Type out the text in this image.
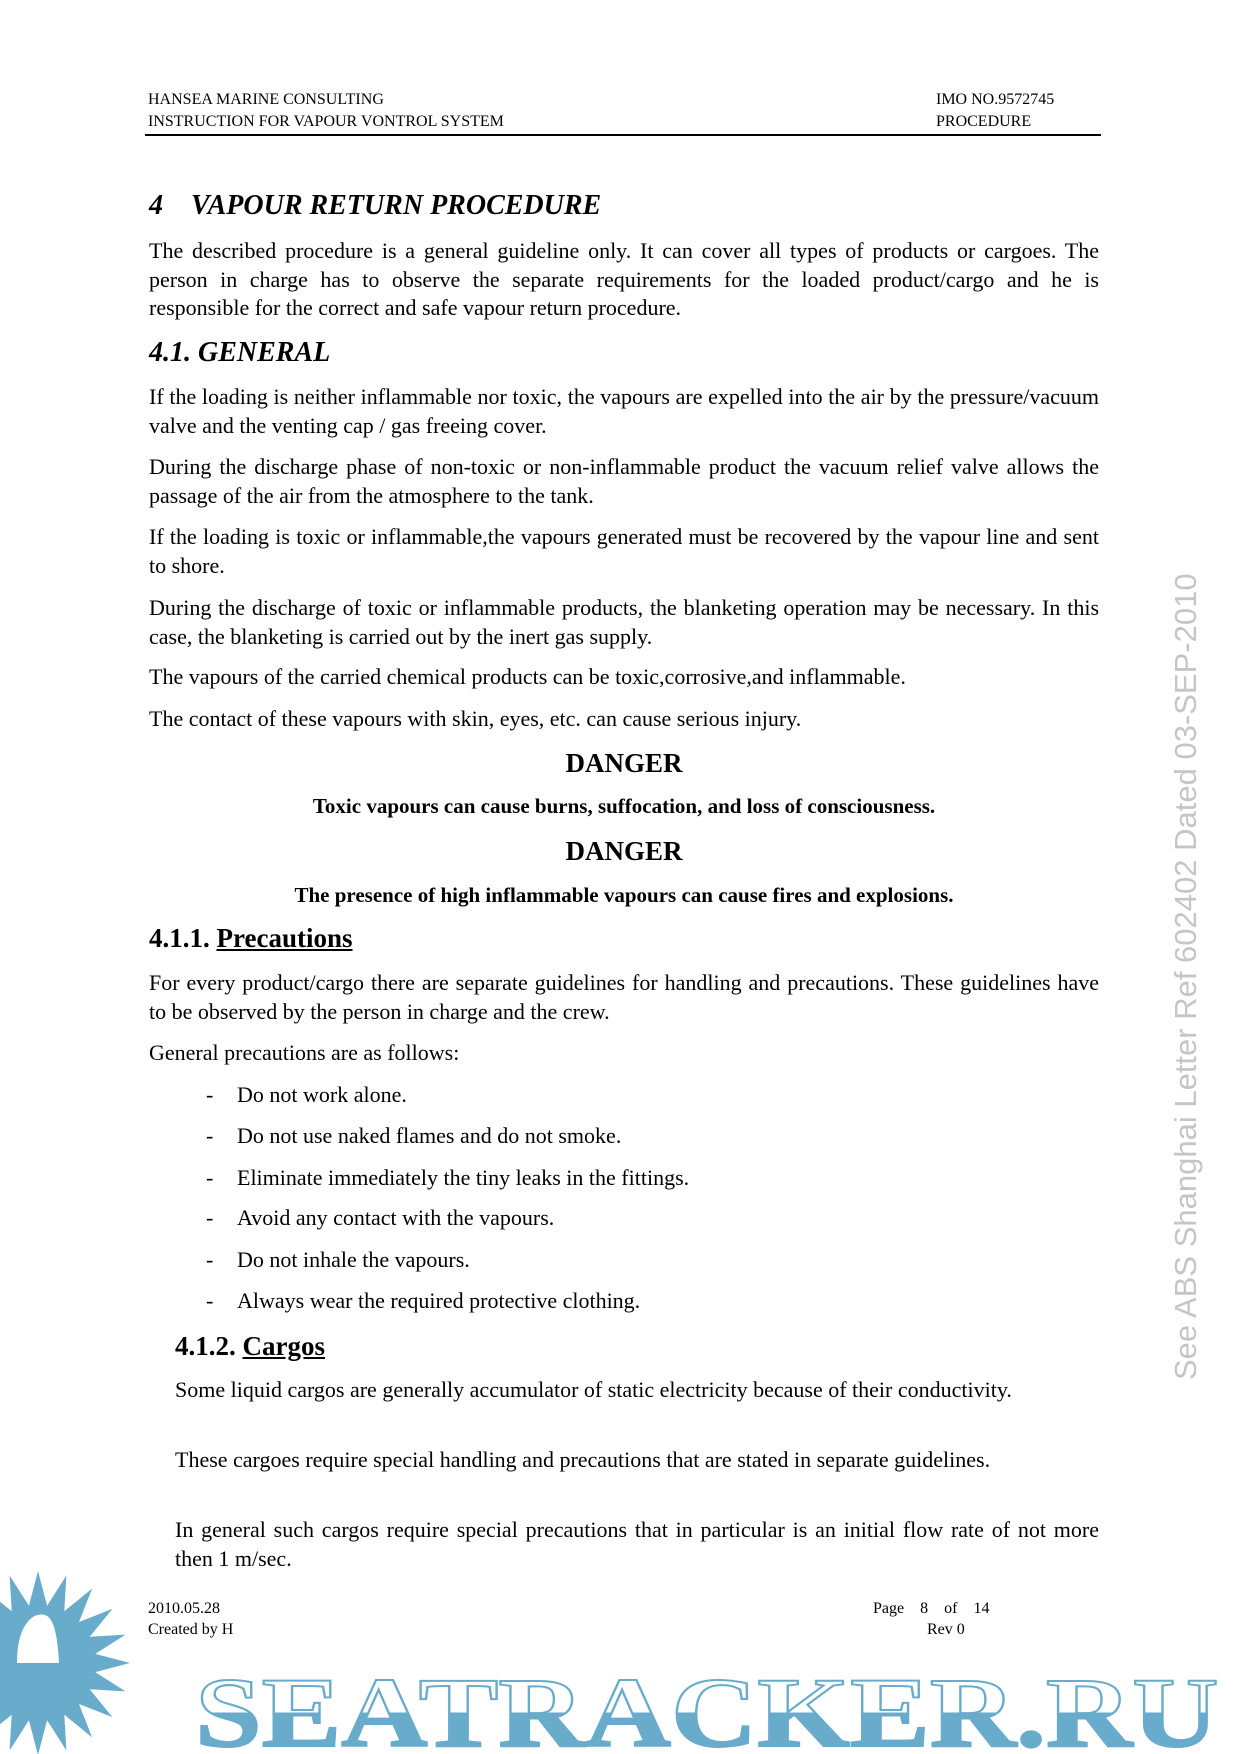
HANSEA MARINE CONSULTING
INSTRUCTION FOR VAPOUR VONTROL SYSTEM
IMO NO.9572745
PROCEDURE
4    VAPOUR RETURN PROCEDURE
The described procedure is a general guideline only. It can cover all types of products or cargoes. The person in charge has to observe the separate requirements for the loaded product/cargo and he is responsible for the correct and safe vapour return procedure.
4.1. GENERAL
If the loading is neither inflammable nor toxic, the vapours are expelled into the air by the pressure/vacuum valve and the venting cap / gas freeing cover.
During the discharge phase of non-toxic or non-inflammable product the vacuum relief valve allows the passage of the air from the atmosphere to the tank.
If the loading is toxic or inflammable,the vapours generated must be recovered by the vapour line and sent to shore.
During the discharge of toxic or inflammable products, the blanketing operation may be necessary. In this case, the blanketing is carried out by the inert gas supply.
The vapours of the carried chemical products can be toxic,corrosive,and inflammable.
The contact of these vapours with skin, eyes, etc. can cause serious injury.
DANGER
Toxic vapours can cause burns, suffocation, and loss of consciousness.
DANGER
The presence of high inflammable vapours can cause fires and explosions.
4.1.1. Precautions
For every product/cargo there are separate guidelines for handling and precautions. These guidelines have to be observed by the person in charge and the crew.
General precautions are as follows:
- Do not work alone.
- Do not use naked flames and do not smoke.
- Eliminate immediately the tiny leaks in the fittings.
- Avoid any contact with the vapours.
- Do not inhale the vapours.
- Always wear the required protective clothing.
4.1.2. Cargos
Some liquid cargos are generally accumulator of static electricity because of their conductivity.
These cargoes require special handling and precautions that are stated in separate guidelines.
In general such cargos require special precautions that in particular is an initial flow rate of not more then 1 m/sec.
See ABS Shanghai Letter Ref 602402 Dated 03-SEP-2010
SEATRACKER.RU
2010.05.28
Created by H
Page 8 of 14
Rev 0
